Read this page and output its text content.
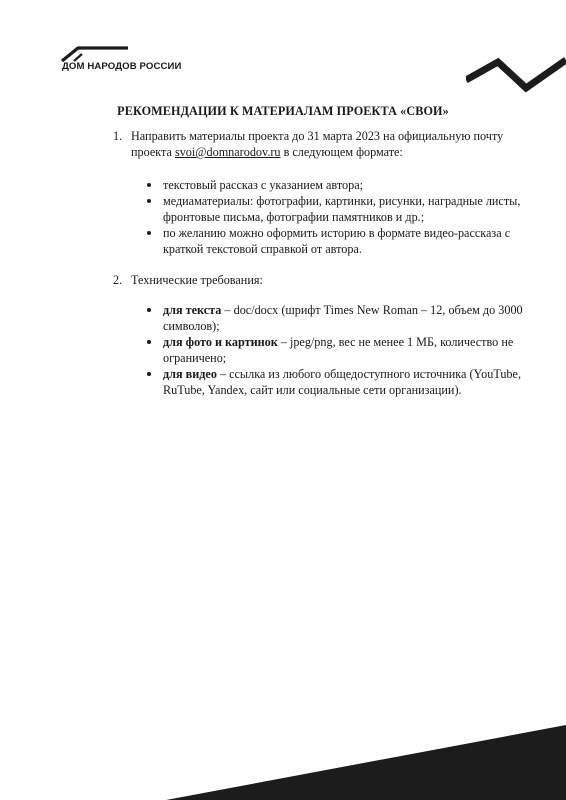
ДОМ НАРОДОВ РОССИИ
РЕКОМЕНДАЦИИ К МАТЕРИАЛАМ ПРОЕКТА «СВОИ»
1. Направить материалы проекта до 31 марта 2023 на официальную почту проекта svoi@domnarodov.ru в следующем формате:
текстовый рассказ с указанием автора;
медиаматериалы: фотографии, картинки, рисунки, наградные листы, фронтовые письма, фотографии памятников и др.;
по желанию можно оформить историю в формате видео-рассказа с краткой текстовой справкой от автора.
2. Технические требования:
для текста – doc/docx (шрифт Times New Roman – 12, объем до 3000 символов);
для фото и картинок – jpeg/png, вес не менее 1 МБ, количество не ограничено;
для видео – ссылка из любого общедоступного источника (YouTube, RuTube, Yandex, сайт или социальные сети организации).
